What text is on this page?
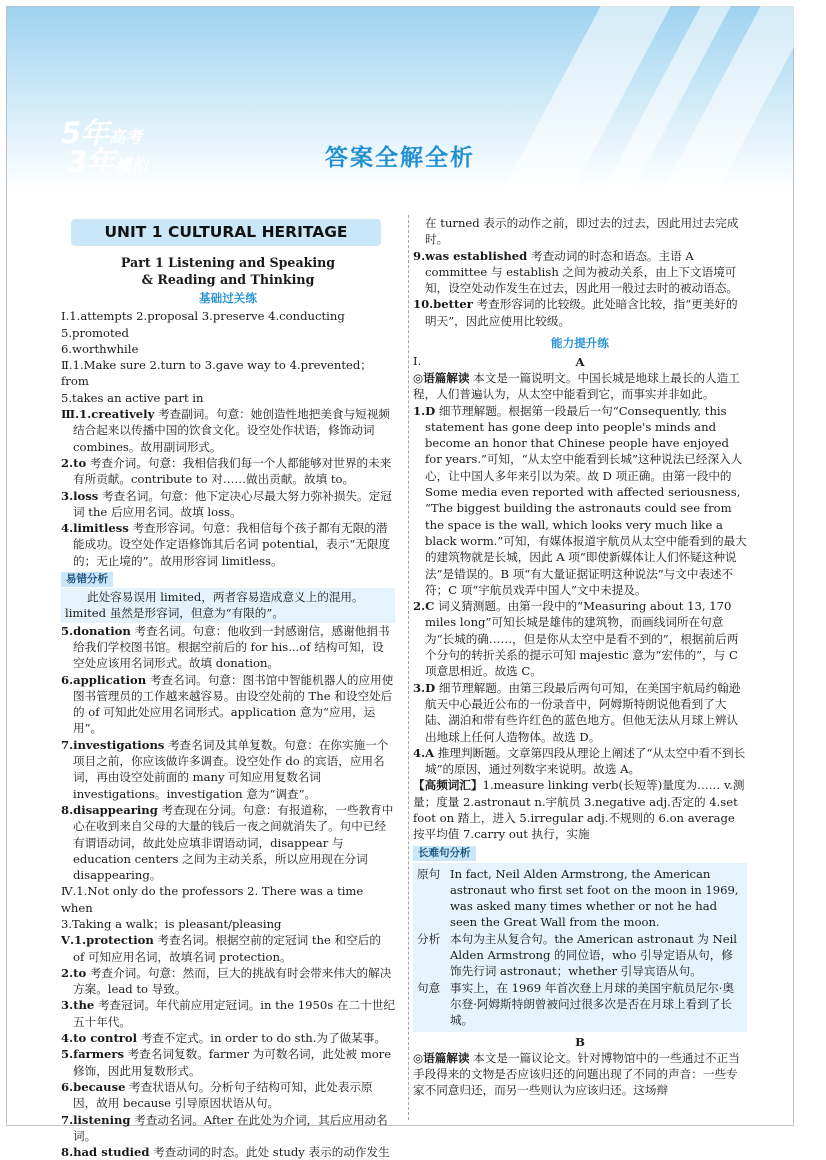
5年高考
3年模拟	答案全解全析
UNIT 1 CULTURAL HERITAGE
Part 1 Listening and Speaking
& Reading and Thinking
基础过关练

Ⅰ.1.attempts 2.proposal 3.preserve 4.conducting 5.promoted

6.worthwhile

Ⅱ.1.Make sure 2.turn to 3.gave way to 4.prevented；from

5.takes an active part in

Ⅲ.1.creatively 考查副词。句意：她创造性地把美食与短视频结合起来以传播中国的饮食文化。设空处作状语，修饰动词 combines。故用副词形式。

2.to 考查介词。句意：我相信我们每一个人都能够对世界的未来有所贡献。contribute to 对……做出贡献。故填 to。

3.loss 考查名词。句意：他下定决心尽最大努力弥补损失。定冠词 the 后应用名词。故填 loss。

4.limitless 考查形容词。句意：我相信每个孩子都有无限的潜能成功。设空处作定语修饰其后名词 potential，表示“无限度的；无止境的”。故用形容词 limitless。

易错分析

此处容易误用 limited，两者容易造成意义上的混用。limited 虽然是形容词，但意为“有限的”。

5.donation 考查名词。句意：他收到一封感谢信，感谢他捐书给我们学校图书馆。根据空前后的 for his...of 结构可知，设空处应该用名词形式。故填 donation。

6.application 考查名词。句意：图书馆中智能机器人的应用使图书管理员的工作越来越容易。由设空处前的 The 和设空处后的 of 可知此处应用名词形式。application 意为“应用，运用”。

7.investigations 考查名词及其单复数。句意：在你实施一个项目之前，你应该做许多调查。设空处作 do 的宾语，应用名词，再由设空处前面的 many 可知应用复数名词 investigations。investigation 意为“调查”。

8.disappearing 考查现在分词。句意：有报道称，一些教育中心在收到来自父母的大量的钱后一夜之间就消失了。句中已经有谓语动词，故此处应填非谓语动词，disappear 与 education centers 之间为主动关系，所以应用现在分词 disappearing。

Ⅳ.1.Not only do the professors 2. There was a time when

3.Taking a walk；is pleasant/pleasing

Ⅴ.1.protection 考查名词。根据空前的定冠词 the 和空后的 of 可知应用名词，故填名词 protection。

2.to 考查介词。句意：然而，巨大的挑战有时会带来伟大的解决方案。lead to 导致。

3.the 考查冠词。年代前应用定冠词。in the 1950s 在二十世纪五十年代。

4.to control 考查不定式。in order to do sth.为了做某事。

5.farmers 考查名词复数。farmer 为可数名词，此处被 more 修饰，因此用复数形式。

6.because 考查状语从句。分析句子结构可知，此处表示原因，故用 because 引导原因状语从句。

7.listening 考查动名词。After 在此处为介词，其后应用动名词。

8.had studied 考查动词的时态。此处 study 表示的动作发生

在 turned 表示的动作之前，即过去的过去，因此用过去完成时。

9.was established 考查动词的时态和语态。主语 A committee 与 establish 之间为被动关系，由上下文语境可知，设空处动作发生在过去，因此用一般过去时的被动语态。

10.better 考查形容词的比较级。此处暗含比较，指“更美好的明天”，因此应使用比较级。

能力提升练

Ⅰ.	A

◎语篇解读 本文是一篇说明文。中国长城是地球上最长的人造工程，人们普遍认为，从太空中能看到它，而事实并非如此。

1.D 细节理解题。根据第一段最后一句“Consequently, this statement has gone deep into people's minds and become an honor that Chinese people have enjoyed for years.”可知，“从太空中能看到长城”这种说法已经深入人心，让中国人多年来引以为荣。故 D 项正确。由第一段中的 Some media even reported with affected seriousness, “The biggest building the astronauts could see from the space is the wall, which looks very much like a black worm.”可知，有媒体报道宇航员从太空中能看到的最大的建筑物就是长城，因此 A 项“即使新媒体让人们怀疑这种说法”是错误的。B 项“有大量证据证明这种说法”与文中表述不符；C 项“宇航员戏弄中国人”文中未提及。

2.C 词义猜测题。由第一段中的“Measuring about 13, 170 miles long”可知长城是雄伟的建筑物，而画线词所在句意为“长城的确……，但是你从太空中是看不到的”，根据前后两个分句的转折关系的提示可知 majestic 意为“宏伟的”，与 C 项意思相近。故选 C。

3.D 细节理解题。由第三段最后两句可知，在美国宇航局约翰逊航天中心最近公布的一份录音中，阿姆斯特朗说他看到了大陆、湖泊和带有些许红色的蓝色地方。但他无法从月球上辨认出地球上任何人造物体。故选 D。

4.A 推理判断题。文章第四段从理论上阐述了“从太空中看不到长城”的原因，通过列数字来说明。故选 A。

【高频词汇】1.measure linking verb(长短等)量度为…… v.测量；度量 2.astronaut n.宇航员 3.negative adj.否定的 4.set foot on 踏上，进入 5.irregular adj.不规则的 6.on average 按平均值 7.carry out 执行，实施

长难句分析
原句 In fact, Neil Alden Armstrong, the American astronaut who first set foot on the moon in 1969, was asked many times whether or not he had seen the Great Wall from the moon.
分析 本句为主从复合句。the American astronaut 为 Neil Alden Armstrong 的同位语，who 引导定语从句，修饰先行词 astronaut；whether 引导宾语从句。
句意 事实上，在 1969 年首次登上月球的美国宇航员尼尔·奥尔登·阿姆斯特朗曾被问过很多次是否在月球上看到了长城。
B

◎语篇解读 本文是一篇议论文。针对博物馆中的一些通过不正当手段得来的文物是否应该归还的问题出现了不同的声音：一些专家不同意归还，而另一些则认为应该归还。这场辩
